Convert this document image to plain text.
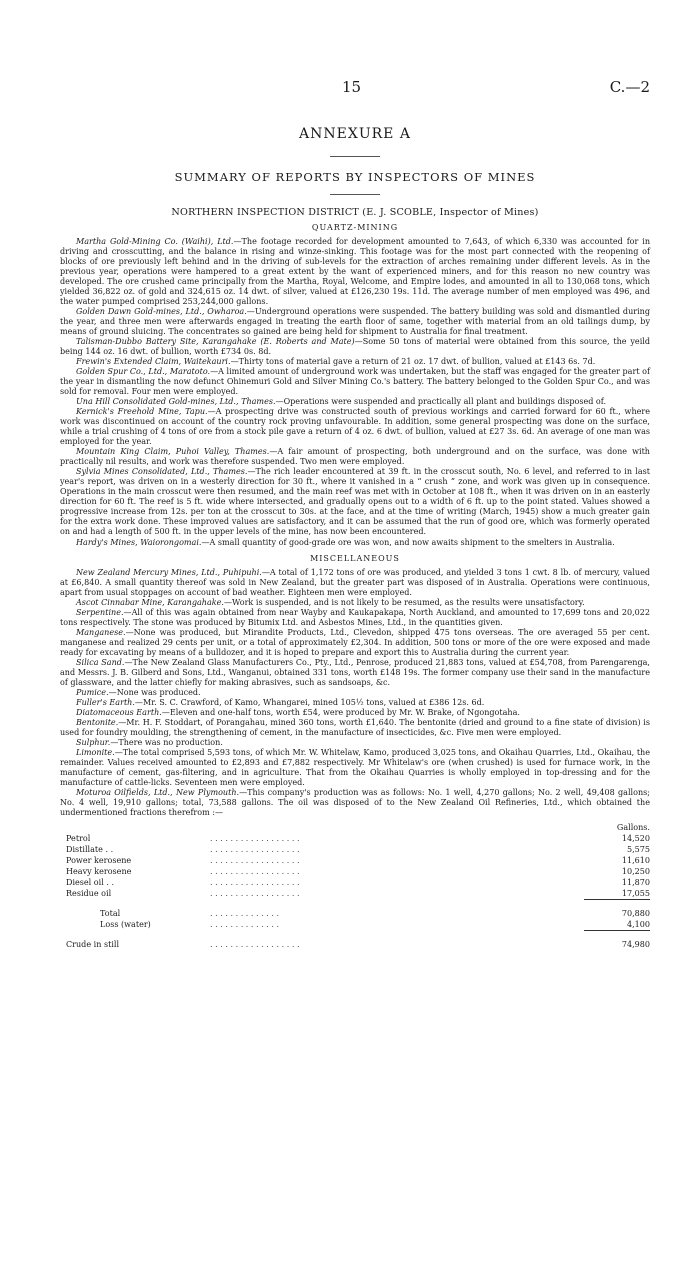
15	C.—2
ANNEXURE A
SUMMARY OF REPORTS BY INSPECTORS OF MINES
NORTHERN INSPECTION DISTRICT (E. J. SCOBLE, Inspector of Mines)
QUARTZ-MINING

Martha Gold-Mining Co. (Waihi), Ltd.—The footage recorded for development amounted to 7,643, of which 6,330 was accounted for in driving and crosscutting, and the balance in rising and winze-sinking. This footage was for the most part connected with the reopening of blocks of ore previously left behind and in the driving of sub-levels for the extraction of arches remaining under different levels. As in the previous year, operations were hampered to a great extent by the want of experienced miners, and for this reason no new country was developed. The ore crushed came principally from the Martha, Royal, Welcome, and Empire lodes, and amounted in all to 130,068 tons, which yielded 36,822 oz. of gold and 324,615 oz. 14 dwt. of silver, valued at £126,230 19s. 11d. The average number of men employed was 496, and the water pumped comprised 253,244,000 gallons.

Golden Dawn Gold-mines, Ltd., Owharoa.—Underground operations were suspended. The battery building was sold and dismantled during the year, and three men were afterwards engaged in treating the earth floor of same, together with material from an old tailings dump, by means of ground sluicing. The concentrates so gained are being held for shipment to Australia for final treatment.

Talisman-Dubbo Battery Site, Karangahake (E. Roberts and Mate)—Some 50 tons of material were obtained from this source, the yeild being 144 oz. 16 dwt. of bullion, worth £734 0s. 8d.

Frewin's Extended Claim, Waitekauri.—Thirty tons of material gave a return of 21 oz. 17 dwt. of bullion, valued at £143 6s. 7d.

Golden Spur Co., Ltd., Maratoto.—A limited amount of underground work was undertaken, but the staff was engaged for the greater part of the year in dismantling the now defunct Ohinemuri Gold and Silver Mining Co.'s battery. The battery belonged to the Golden Spur Co., and was sold for removal. Four men were employed.

Una Hill Consolidated Gold-mines, Ltd., Thames.—Operations were suspended and practically all plant and buildings disposed of.

Kernick's Freehold Mine, Tapu.—A prospecting drive was constructed south of previous workings and carried forward for 60 ft., where work was discontinued on account of the country rock proving unfavourable. In addition, some general prospecting was done on the surface, while a trial crushing of 4 tons of ore from a stock pile gave a return of 4 oz. 6 dwt. of bullion, valued at £27 3s. 6d. An average of one man was employed for the year.

Mountain King Claim, Puhoi Valley, Thames.—A fair amount of prospecting, both underground and on the surface, was done with practically nil results, and work was therefore suspended. Two men were employed.

Sylvia Mines Consolidated, Ltd., Thames.—The rich leader encountered at 39 ft. in the crosscut south, No. 6 level, and referred to in last year's report, was driven on in a westerly direction for 30 ft., where it vanished in a “ crush ” zone, and work was given up in consequence. Operations in the main crosscut were then resumed, and the main reef was met with in October at 108 ft., when it was driven on in an easterly direction for 60 ft. The reef is 5 ft. wide where intersected, and gradually opens out to a width of 6 ft. up to the point stated. Values showed a progressive increase from 12s. per ton at the crosscut to 30s. at the face, and at the time of writing (March, 1945) show a much greater gain for the extra work done. These improved values are satisfactory, and it can be assumed that the run of good ore, which was formerly operated on and had a length of 500 ft. in the upper levels of the mine, has now been encountered.

Hardy's Mines, Waiorongomai.—A small quantity of good-grade ore was won, and now awaits shipment to the smelters in Australia.

MISCELLANEOUS

New Zealand Mercury Mines, Ltd., Puhipuhi.—A total of 1,172 tons of ore was produced, and yielded 3 tons 1 cwt. 8 lb. of mercury, valued at £6,840. A small quantity thereof was sold in New Zealand, but the greater part was disposed of in Australia. Operations were continuous, apart from usual stoppages on account of bad weather. Eighteen men were employed.

Ascot Cinnabar Mine, Karangahake.—Work is suspended, and is not likely to be resumed, as the results were unsatisfactory.

Serpentine.—All of this was again obtained from near Wayby and Kaukapakapa, North Auckland, and amounted to 17,699 tons and 20,022 tons respectively. The stone was produced by Bitumix Ltd. and Asbestos Mines, Ltd., in the quantities given.

Manganese.—None was produced, but Mirandite Products, Ltd., Clevedon, shipped 475 tons overseas. The ore averaged 55 per cent. manganese and realized 29 cents per unit, or a total of approximately £2,304. In addition, 500 tons or more of the ore were exposed and made ready for excavating by means of a bulldozer, and it is hoped to prepare and export this to Australia during the current year.

Silica Sand.—The New Zealand Glass Manufacturers Co., Pty., Ltd., Penrose, produced 21,883 tons, valued at £54,708, from Parengarenga, and Messrs. J. B. Gilberd and Sons, Ltd., Wanganui, obtained 331 tons, worth £148 19s. The former company use their sand in the manufacture of glassware, and the latter chiefly for making abrasives, such as sandsoaps, &c.

Pumice.—None was produced.

Fuller's Earth.—Mr. S. C. Crawford, of Kamo, Whangarei, mined 105½ tons, valued at £386 12s. 6d.

Diatomaceous Earth.—Eleven and one-half tons, worth £54, were produced by Mr. W. Brake, of Ngongotaha.

Bentonite.—Mr. H. F. Stoddart, of Porangahau, mined 360 tons, worth £1,640. The bentonite (dried and ground to a fine state of division) is used for foundry moulding, the strengthening of cement, in the manufacture of insecticides, &c. Five men were employed.

Sulphur.—There was no production.

Limonite.—The total comprised 5,593 tons, of which Mr. W. Whitelaw, Kamo, produced 3,025 tons, and Okaihau Quarries, Ltd., Okaihau, the remainder. Values received amounted to £2,893 and £7,882 respectively. Mr Whitelaw's ore (when crushed) is used for furnace work, in the manufacture of cement, gas-filtering, and in agriculture. That from the Okaihau Quarries is wholly employed in top-dressing and for the manufacture of cattle-licks. Seventeen men were employed.

Moturoa Oilfields, Ltd., New Plymouth.—This company's production was as follows: No. 1 well, 4,270 gallons; No. 2 well, 49,408 gallons; No. 4 well, 19,910 gallons; total, 73,588 gallons. The oil was disposed of to the New Zealand Oil Refineries, Ltd., which obtained the undermentioned fractions therefrom :—

		Gallons.
Petrol	. . . . . . . . . . . . . . . . . .	14,520
Distillate . .	. . . . . . . . . . . . . . . . . .	5,575
Power kerosene	. . . . . . . . . . . . . . . . . .	11,610
Heavy kerosene	. . . . . . . . . . . . . . . . . .	10,250
Diesel oil . .	. . . . . . . . . . . . . . . . . .	11,870
Residue oil	. . . . . . . . . . . . . . . . . .	17,055

Total	. . . . . . . . . . . . . .	70,880
Loss (water)	. . . . . . . . . . . . . .	4,100

Crude in still	. . . . . . . . . . . . . . . . . .	74,980
